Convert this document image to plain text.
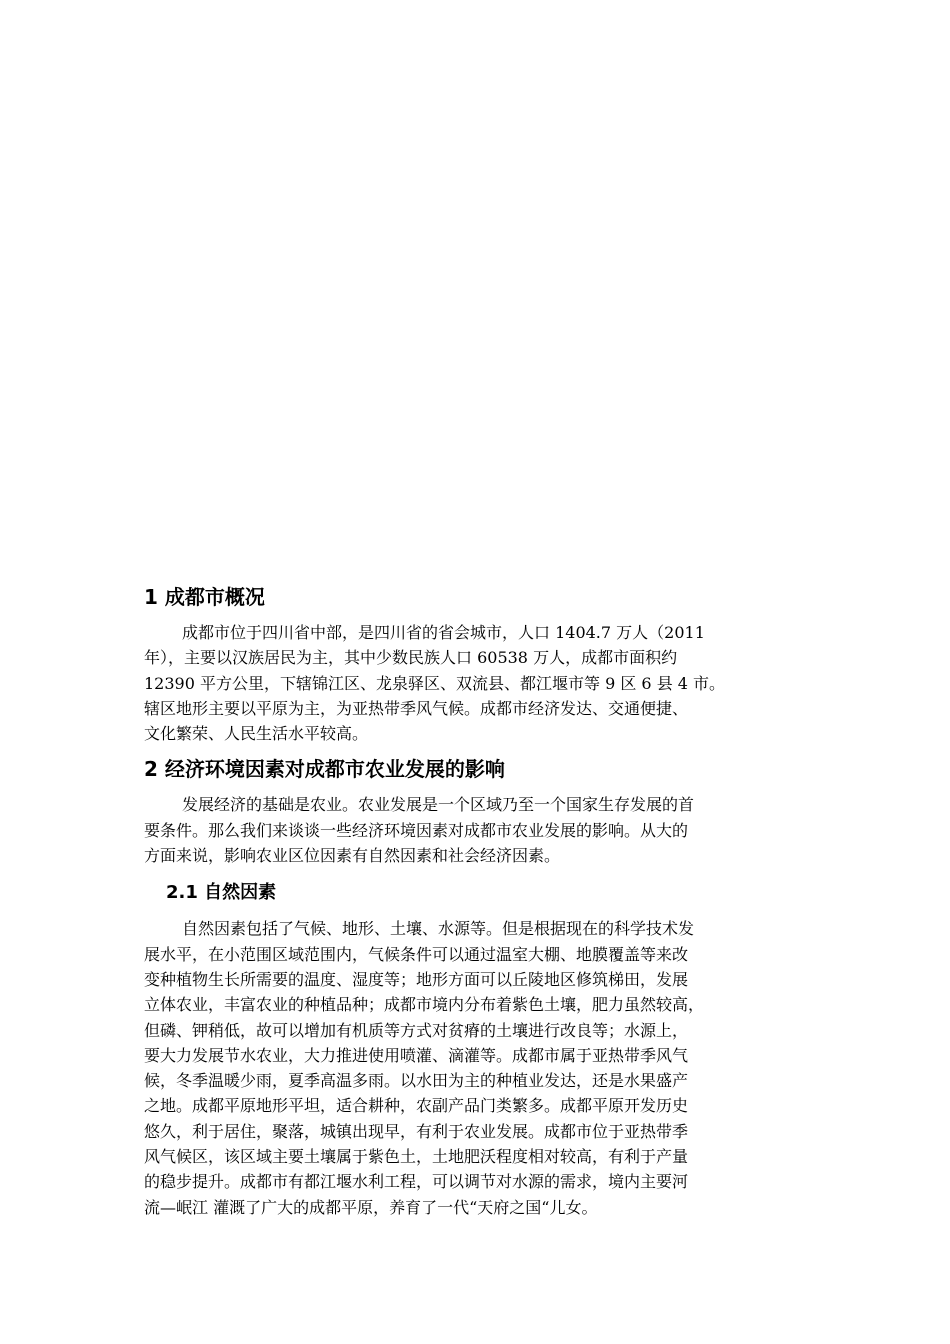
1 成都市概况
成都市位于四川省中部，是四川省的省会城市，人口 1404.7 万人（2011
年），主要以汉族居民为主，其中少数民族人口 60538 万人，成都市面积约
12390 平方公里，下辖锦江区、龙泉驿区、双流县、都江堰市等 9 区 6 县 4 市。
辖区地形主要以平原为主，为亚热带季风气候。成都市经济发达、交通便捷、
文化繁荣、人民生活水平较高。
2 经济环境因素对成都市农业发展的影响
发展经济的基础是农业。农业发展是一个区域乃至一个国家生存发展的首
要条件。那么我们来谈谈一些经济环境因素对成都市农业发展的影响。从大的
方面来说，影响农业区位因素有自然因素和社会经济因素。
2.1 自然因素
自然因素包括了气候、地形、土壤、水源等。但是根据现在的科学技术发
展水平，在小范围区域范围内，气候条件可以通过温室大棚、地膜覆盖等来改
变种植物生长所需要的温度、湿度等；地形方面可以丘陵地区修筑梯田，发展
立体农业，丰富农业的种植品种；成都市境内分布着紫色土壤，肥力虽然较高，
但磷、钾稍低，故可以增加有机质等方式对贫瘠的土壤进行改良等；水源上，
要大力发展节水农业，大力推进使用喷灌、滴灌等。成都市属于亚热带季风气
候，冬季温暖少雨，夏季高温多雨。以水田为主的种植业发达，还是水果盛产
之地。成都平原地形平坦，适合耕种，农副产品门类繁多。成都平原开发历史
悠久，利于居住，聚落，城镇出现早，有利于农业发展。成都市位于亚热带季
风气候区，该区域主要土壤属于紫色土，土地肥沃程度相对较高，有利于产量
的稳步提升。成都市有都江堰水利工程，可以调节对水源的需求，境内主要河
流—岷江 灌溉了广大的成都平原，养育了一代“天府之国“儿女。
